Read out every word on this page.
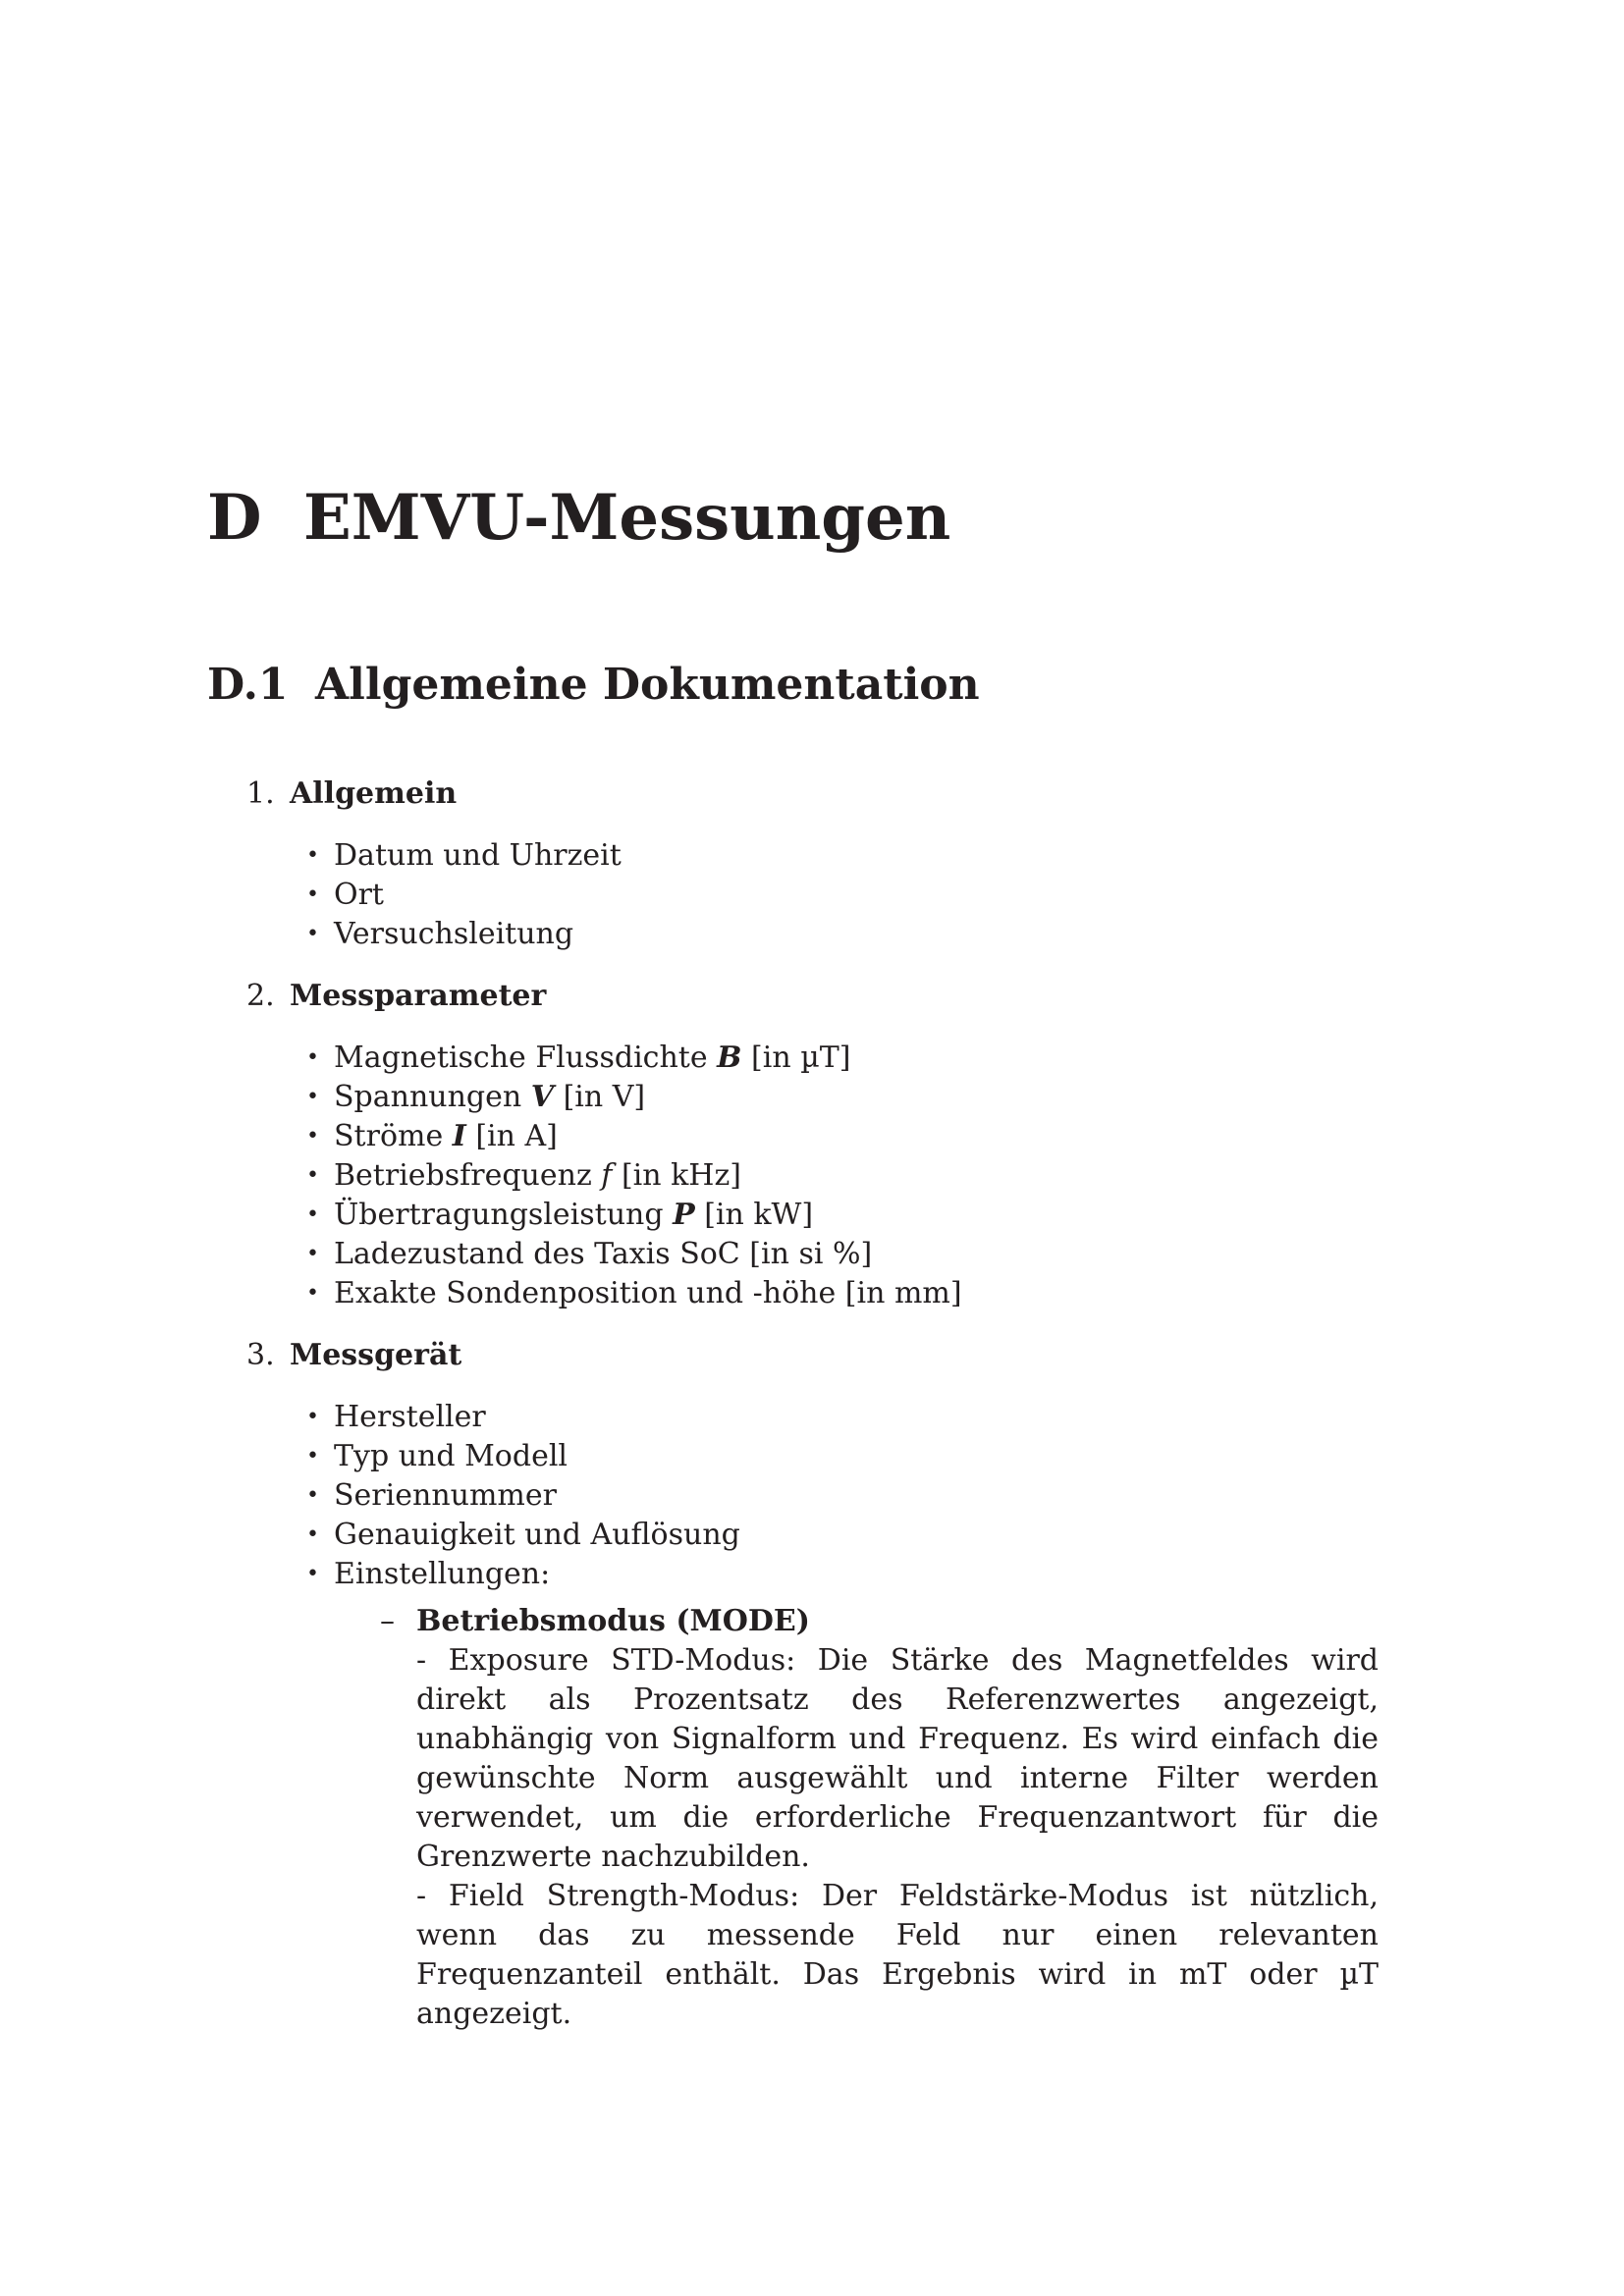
D EMVU-Messungen
D.1 Allgemeine Dokumentation
1. Allgemein
• Datum und Uhrzeit
• Ort
• Versuchsleitung
2. Messparameter
• Magnetische Flussdichte B [in µT]
• Spannungen V [in V]
• Ströme I [in A]
• Betriebsfrequenz f [in kHz]
• Übertragungsleistung P [in kW]
• Ladezustand des Taxis SoC [in si %]
• Exakte Sondenposition und -höhe [in mm]
3. Messgerät
• Hersteller
• Typ und Modell
• Seriennummer
• Genauigkeit und Auflösung
• Einstellungen:
– Betriebsmodus (MODE)

- Exposure STD-Modus: Die Stärke des Magnetfeldes wird direkt als Prozentsatz des Referenzwertes angezeigt, unabhängig von Signalform und Frequenz. Es wird einfach die gewünschte Norm ausgewählt und interne Filter werden verwendet, um die erforderliche Frequenzantwort für die Grenzwerte nachzubilden.

- Field Strength-Modus: Der Feldstärke-Modus ist nützlich, wenn das zu messende Feld nur einen relevanten Frequenzanteil enthält. Das Ergebnis wird in mT oder µT angezeigt.
